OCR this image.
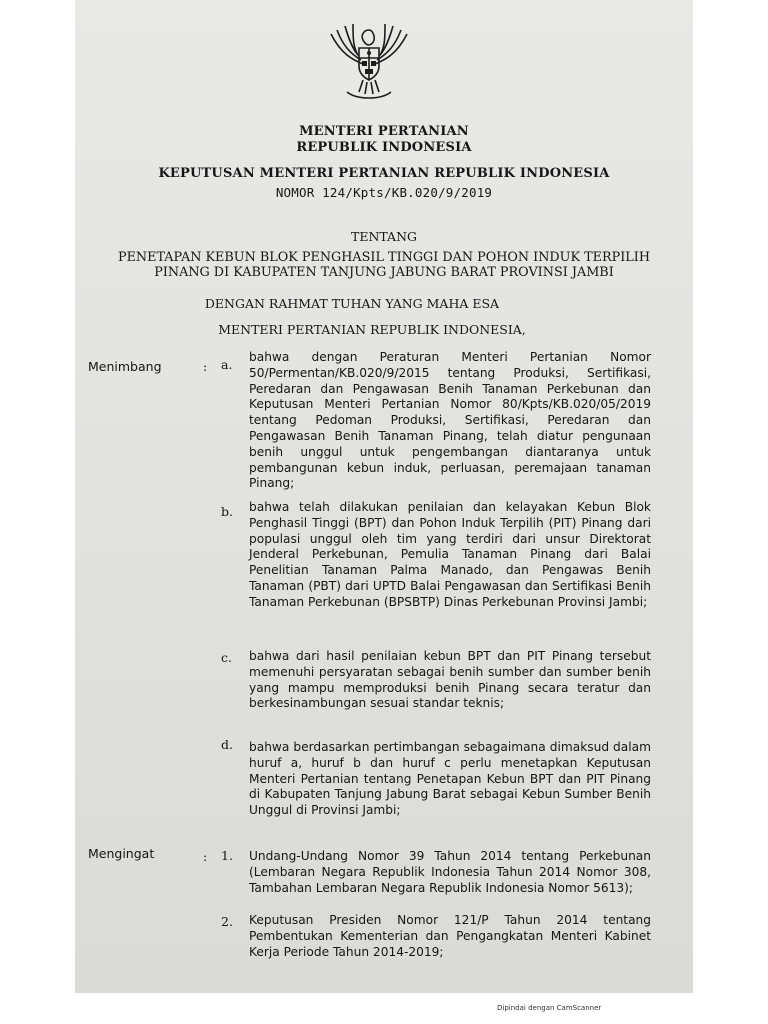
MENTERI PERTANIAN
REPUBLIK INDONESIA
KEPUTUSAN MENTERI PERTANIAN REPUBLIK INDONESIA
NOMOR 124/Kpts/KB.020/9/2019
TENTANG
PENETAPAN KEBUN BLOK PENGHASIL TINGGI DAN POHON INDUK TERPILIH
PINANG DI KABUPATEN TANJUNG JABUNG BARAT PROVINSI JAMBI
DENGAN RAHMAT TUHAN YANG MAHA ESA
MENTERI PERTANIAN REPUBLIK INDONESIA,
Menimbang	: a. bahwa dengan Peraturan Menteri Pertanian Nomor 50/Permentan/KB.020/9/2015 tentang Produksi, Sertifikasi, Peredaran dan Pengawasan Benih Tanaman Perkebunan dan Keputusan Menteri Pertanian Nomor 80/Kpts/KB.020/05/2019 tentang Pedoman Produksi, Sertifikasi, Peredaran dan Pengawasan Benih Tanaman Pinang, telah diatur pengunaan benih unggul untuk pengembangan diantaranya untuk pembangunan kebun induk, perluasan, peremajaan tanaman Pinang;
b. bahwa telah dilakukan penilaian dan kelayakan Kebun Blok Penghasil Tinggi (BPT) dan Pohon Induk Terpilih (PIT) Pinang dari populasi unggul oleh tim yang terdiri dari unsur Direktorat Jenderal Perkebunan, Pemulia Tanaman Pinang dari Balai Penelitian Tanaman Palma Manado, dan Pengawas Benih Tanaman (PBT) dari UPTD Balai Pengawasan dan Sertifikasi Benih Tanaman Perkebunan (BPSBTP) Dinas Perkebunan Provinsi Jambi;
c. bahwa dari hasil penilaian kebun BPT dan PIT Pinang tersebut memenuhi persyaratan sebagai benih sumber dan sumber benih yang mampu memproduksi benih Pinang secara teratur dan berkesinambungan sesuai standar teknis;
d. bahwa berdasarkan pertimbangan sebagaimana dimaksud dalam huruf a, huruf b dan huruf c perlu menetapkan Keputusan Menteri Pertanian tentang Penetapan Kebun BPT dan PIT Pinang di Kabupaten Tanjung Jabung Barat sebagai Kebun Sumber Benih Unggul di Provinsi Jambi;
Mengingat	: 1. Undang-Undang Nomor 39 Tahun 2014 tentang Perkebunan (Lembaran Negara Republik Indonesia Tahun 2014 Nomor 308, Tambahan Lembaran Negara Republik Indonesia Nomor 5613);
2. Keputusan Presiden Nomor 121/P Tahun 2014 tentang Pembentukan Kementerian dan Pengangkatan Menteri Kabinet Kerja Periode Tahun 2014-2019;
Dipindai dengan CamScanner
